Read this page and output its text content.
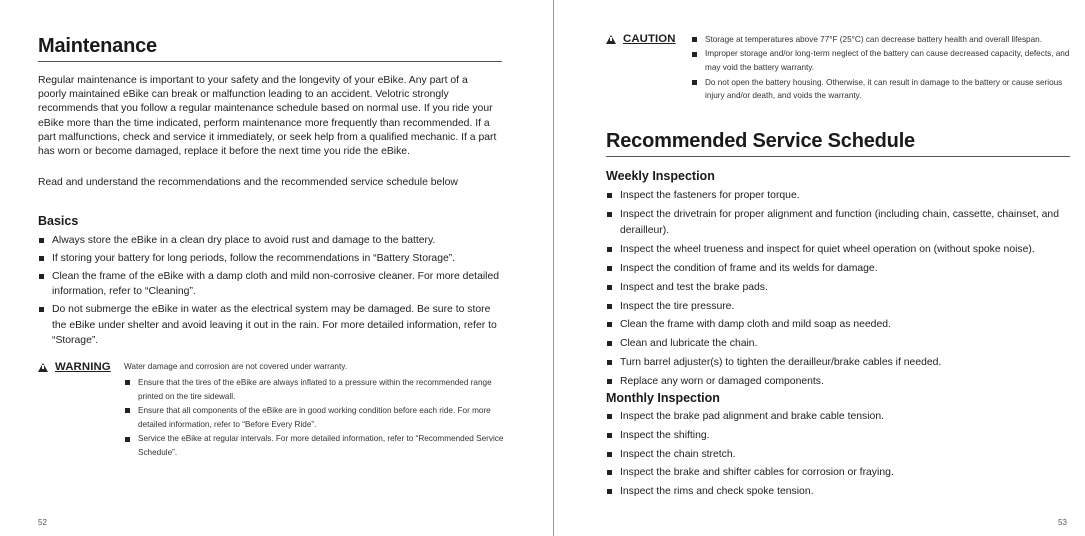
Maintenance

Regular maintenance is important to your safety and the longevity of your eBike. Any part of a poorly maintained eBike can break or malfunction leading to an accident. Velotric strongly recommends that you follow a regular maintenance schedule based on normal use. If you ride your eBike more than the time indicated, perform maintenance more frequently than recommended. If a part malfunctions, check and service it immediately, or seek help from a qualified mechanic. If a part has worn or become damaged, replace it before the next time you ride the eBike.

Read and understand the recommendations and the recommended service schedule below

Basics
Always store the eBike in a clean dry place to avoid rust and damage to the battery.
If storing your battery for long periods, follow the recommendations in “Battery Storage”.
Clean the frame of the eBike with a damp cloth and mild non-corrosive cleaner. For more detailed information, refer to “Cleaning”.
Do not submerge the eBike in water as the electrical system may be damaged. Be sure to store the eBike under shelter and avoid leaving it out in the rain. For more detailed information, refer to “Storage”.
WARNING Water damage and corrosion are not covered under warranty.
Ensure that the tires of the eBike are always inflated to a pressure within the recommended range printed on the tire sidewall.
Ensure that all components of the eBike are in good working condition before each ride. For more detailed information, refer to “Before Every Ride”.
Service the eBike at regular intervals. For more detailed information, refer to “Recommended Service Schedule”.
52
CAUTION	Storage at temperatures above 77°F (25°C) can decrease battery health and overall lifespan.
Improper storage and/or long-term neglect of the battery can cause decreased capacity, defects, and may void the battery warranty.
Do not open the battery housing. Otherwise, it can result in damage to the battery or cause serious injury and/or death, and voids the warranty.
Recommended Service Schedule
Weekly Inspection
Inspect the fasteners for proper torque.
Inspect the drivetrain for proper alignment and function (including chain, cassette, chainset, and derailleur).
Inspect the wheel trueness and inspect for quiet wheel operation on (without spoke noise).
Inspect the condition of frame and its welds for damage.
Inspect and test the brake pads.
Inspect the tire pressure.
Clean the frame with damp cloth and mild soap as needed.
Clean and lubricate the chain.
Turn barrel adjuster(s) to tighten the derailleur/brake cables if needed.
Replace any worn or damaged components.
Monthly Inspection
Inspect the brake pad alignment and brake cable tension.
Inspect the shifting.
Inspect the chain stretch.
Inspect the brake and shifter cables for corrosion or fraying.
Inspect the rims and check spoke tension.
53
